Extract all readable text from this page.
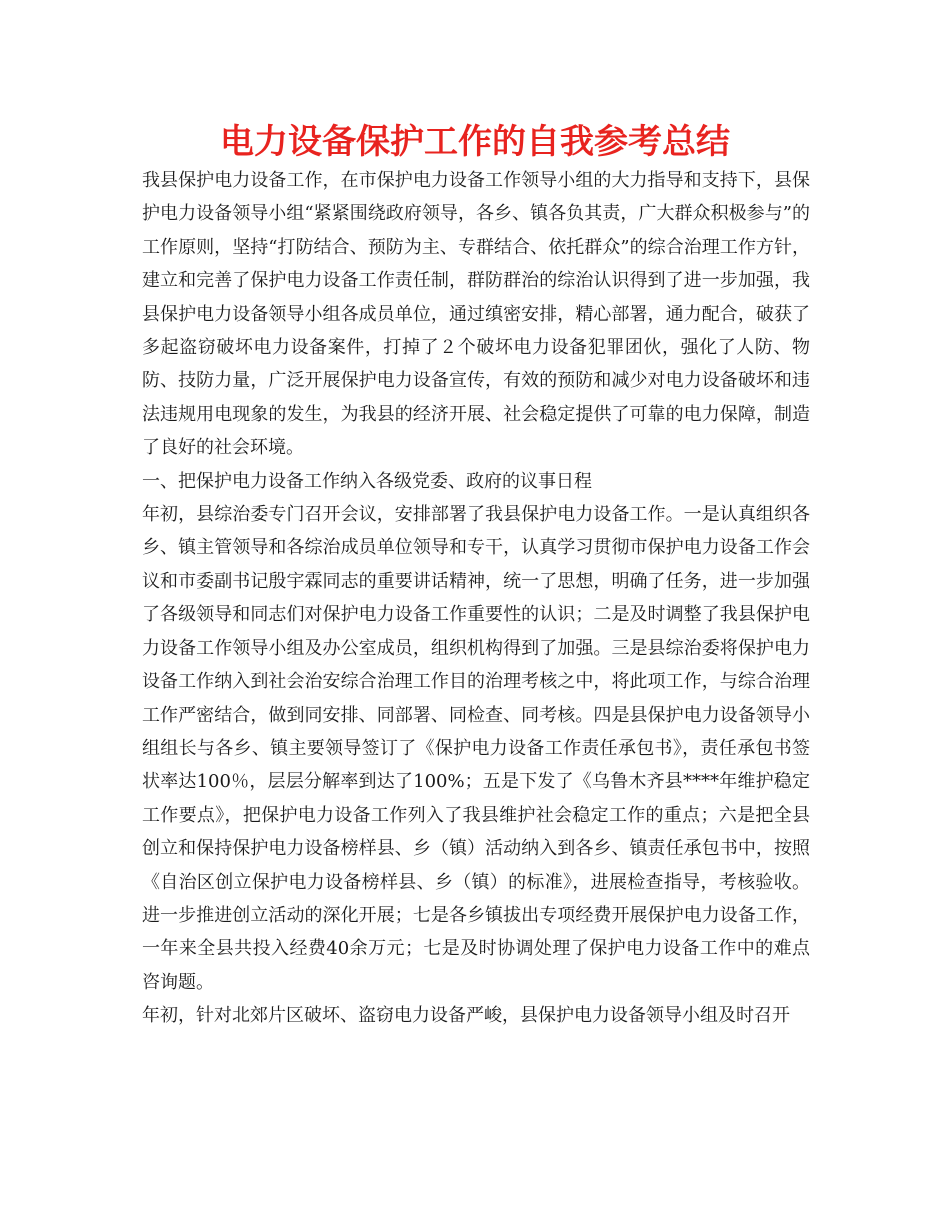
电力设备保护工作的自我参考总结

我县保护电力设备工作，在市保护电力设备工作领导小组的大力指导和支持下，县保护电力设备领导小组“紧紧围绕政府领导，各乡、镇各负其责，广大群众积极参与”的工作原则，坚持“打防结合、预防为主、专群结合、依托群众”的综合治理工作方针，建立和完善了保护电力设备工作责任制，群防群治的综治认识得到了进一步加强，我县保护电力设备领导小组各成员单位，通过缜密安排，精心部署，通力配合，破获了多起盗窃破坏电力设备案件，打掉了２个破坏电力设备犯罪团伙，强化了人防、物防、技防力量，广泛开展保护电力设备宣传，有效的预防和减少对电力设备破坏和违法违规用电现象的发生，为我县的经济开展、社会稳定提供了可靠的电力保障，制造了良好的社会环境。

一、把保护电力设备工作纳入各级党委、政府的议事日程

年初，县综治委专门召开会议，安排部署了我县保护电力设备工作。一是认真组织各乡、镇主管领导和各综治成员单位领导和专干，认真学习贯彻市保护电力设备工作会议和市委副书记殷宇霖同志的重要讲话精神，统一了思想，明确了任务，进一步加强了各级领导和同志们对保护电力设备工作重要性的认识；二是及时调整了我县保护电力设备工作领导小组及办公室成员，组织机构得到了加强。三是县综治委将保护电力设备工作纳入到社会治安综合治理工作目的治理考核之中，将此项工作，与综合治理工作严密结合，做到同安排、同部署、同检查、同考核。四是县保护电力设备领导小组组长与各乡、镇主要领导签订了《保护电力设备工作责任承包书》，责任承包书签状率达100％，层层分解率到达了100%；五是下发了《乌鲁木齐县****年维护稳定工作要点》，把保护电力设备工作列入了我县维护社会稳定工作的重点；六是把全县创立和保持保护电力设备榜样县、乡（镇）活动纳入到各乡、镇责任承包书中，按照《自治区创立保护电力设备榜样县、乡（镇）的标准》，进展检查指导，考核验收。进一步推进创立活动的深化开展；七是各乡镇拔出专项经费开展保护电力设备工作，一年来全县共投入经费40余万元；七是及时协调处理了保护电力设备工作中的难点咨询题。

年初，针对北郊片区破坏、盗窃电力设备严峻，县保护电力设备领导小组及时召开
